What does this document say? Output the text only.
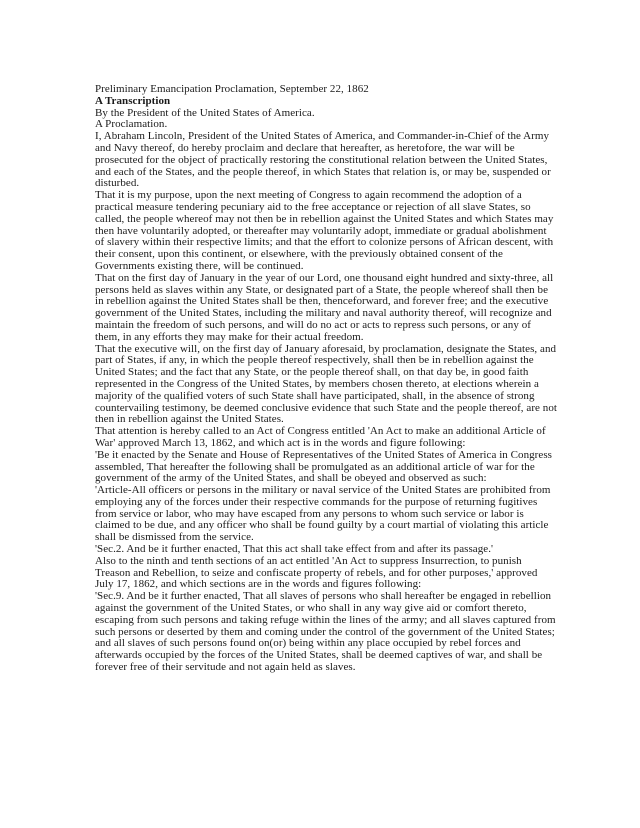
Preliminary Emancipation Proclamation, September 22, 1862
A Transcription
By the President of the United States of America.
A Proclamation.

I, Abraham Lincoln, President of the United States of America, and Commander-in-Chief of the Army and Navy thereof, do hereby proclaim and declare that hereafter, as heretofore, the war will be prosecuted for the object of practically restoring the constitutional relation between the United States, and each of the States, and the people thereof, in which States that relation is, or may be, suspended or disturbed.

That it is my purpose, upon the next meeting of Congress to again recommend the adoption of a practical measure tendering pecuniary aid to the free acceptance or rejection of all slave States, so called, the people whereof may not then be in rebellion against the United States and which States may then have voluntarily adopted, or thereafter may voluntarily adopt, immediate or gradual abolishment of slavery within their respective limits; and that the effort to colonize persons of African descent, with their consent, upon this continent, or elsewhere, with the previously obtained consent of the Governments existing there, will be continued.

That on the first day of January in the year of our Lord, one thousand eight hundred and sixty-three, all persons held as slaves within any State, or designated part of a State, the people whereof shall then be in rebellion against the United States shall be then, thenceforward, and forever free; and the executive government of the United States, including the military and naval authority thereof, will recognize and maintain the freedom of such persons, and will do no act or acts to repress such persons, or any of them, in any efforts they may make for their actual freedom.

That the executive will, on the first day of January aforesaid, by proclamation, designate the States, and part of States, if any, in which the people thereof respectively, shall then be in rebellion against the United States; and the fact that any State, or the people thereof shall, on that day be, in good faith represented in the Congress of the United States, by members chosen thereto, at elections wherein a majority of the qualified voters of such State shall have participated, shall, in the absence of strong countervailing testimony, be deemed conclusive evidence that such State and the people thereof, are not then in rebellion against the United States.

That attention is hereby called to an Act of Congress entitled 'An Act to make an additional Article of War' approved March 13, 1862, and which act is in the words and figure following:

'Be it enacted by the Senate and House of Representatives of the United States of America in Congress assembled, That hereafter the following shall be promulgated as an additional article of war for the government of the army of the United States, and shall be obeyed and observed as such:

'Article-All officers or persons in the military or naval service of the United States are prohibited from employing any of the forces under their respective commands for the purpose of returning fugitives from service or labor, who may have escaped from any persons to whom such service or labor is claimed to be due, and any officer who shall be found guilty by a court martial of violating this article shall be dismissed from the service.

'Sec.2. And be it further enacted, That this act shall take effect from and after its passage.'

Also to the ninth and tenth sections of an act entitled 'An Act to suppress Insurrection, to punish Treason and Rebellion, to seize and confiscate property of rebels, and for other purposes,' approved July 17, 1862, and which sections are in the words and figures following:

'Sec.9. And be it further enacted, That all slaves of persons who shall hereafter be engaged in rebellion against the government of the United States, or who shall in any way give aid or comfort thereto, escaping from such persons and taking refuge within the lines of the army; and all slaves captured from such persons or deserted by them and coming under the control of the government of the United States; and all slaves of such persons found on(or) being within any place occupied by rebel forces and afterwards occupied by the forces of the United States, shall be deemed captives of war, and shall be forever free of their servitude and not again held as slaves.
